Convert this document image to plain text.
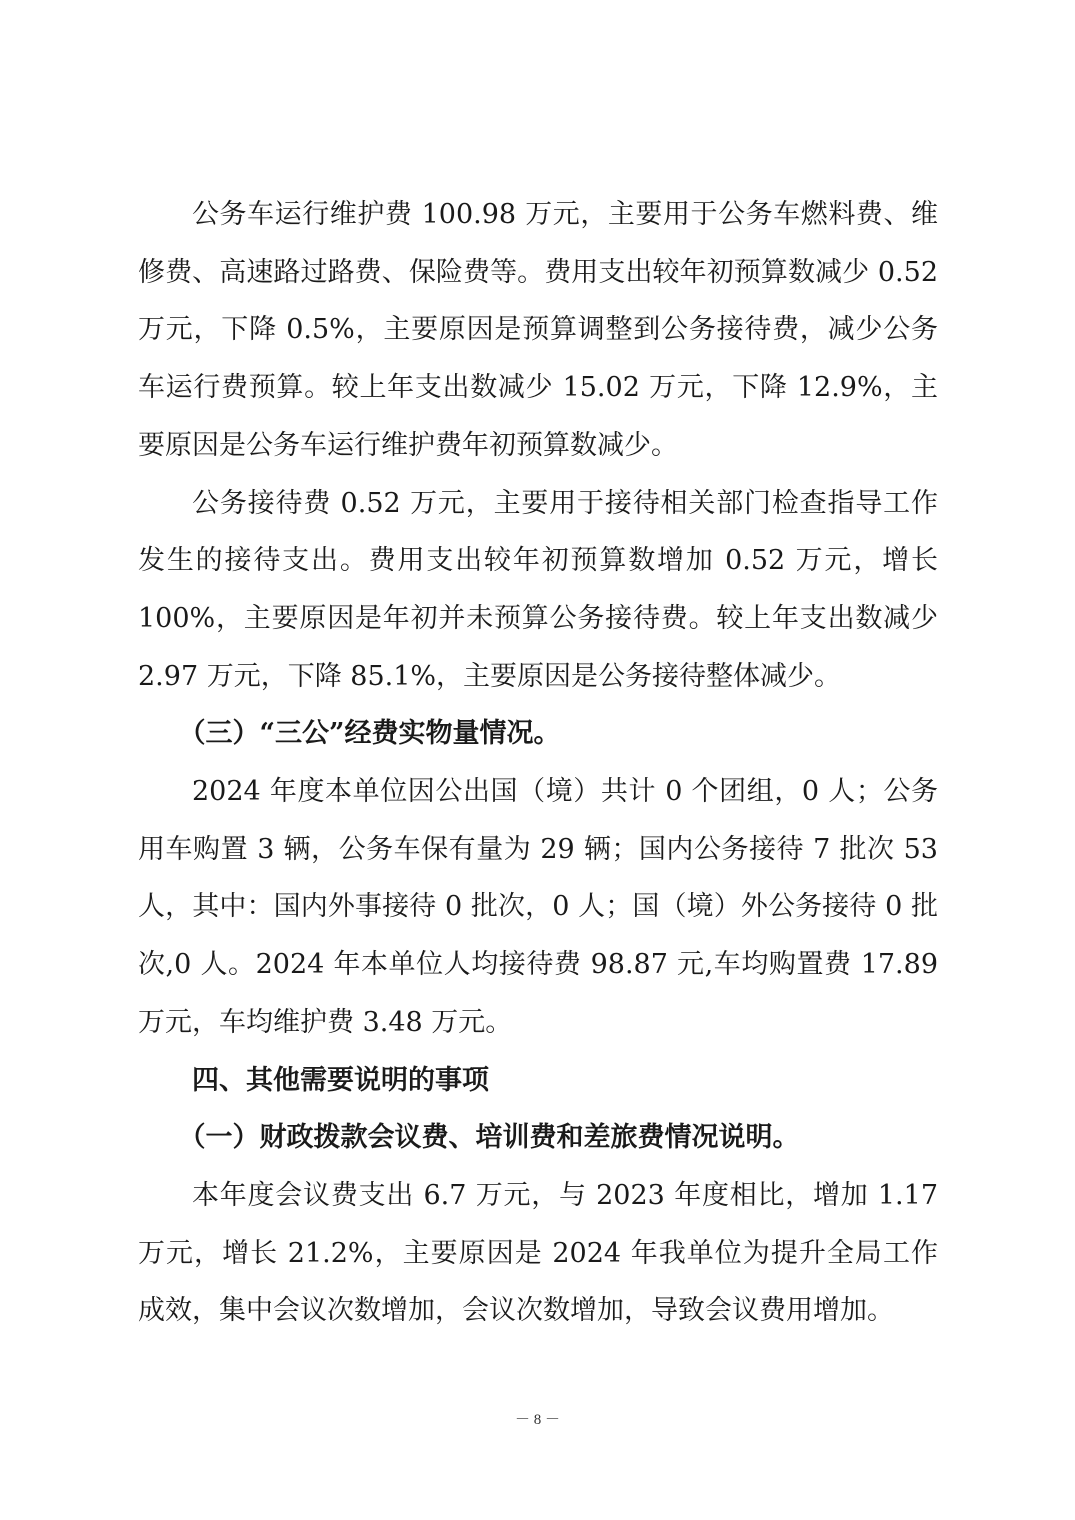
公务车运行维护费 100.98 万元，主要用于公务车燃料费、维修费、高速路过路费、保险费等。费用支出较年初预算数减少 0.52 万元，下降 0.5%，主要原因是预算调整到公务接待费，减少公务车运行费预算。较上年支出数减少 15.02 万元，下降 12.9%，主要原因是公务车运行维护费年初预算数减少。

公务接待费 0.52 万元，主要用于接待相关部门检查指导工作发生的接待支出。费用支出较年初预算数增加 0.52 万元，增长 100%，主要原因是年初并未预算公务接待费。较上年支出数减少 2.97 万元，下降 85.1%，主要原因是公务接待整体减少。

（三）“三公”经费实物量情况。

2024 年度本单位因公出国（境）共计 0 个团组，0 人；公务用车购置 3 辆，公务车保有量为 29 辆；国内公务接待 7 批次 53 人，其中：国内外事接待 0 批次，0 人；国（境）外公务接待 0 批次,0 人。2024 年本单位人均接待费 98.87 元,车均购置费 17.89 万元，车均维护费 3.48 万元。

四、其他需要说明的事项

（一）财政拨款会议费、培训费和差旅费情况说明。

本年度会议费支出 6.7 万元，与 2023 年度相比，增加 1.17 万元，增长 21.2%，主要原因是 2024 年我单位为提升全局工作成效，集中会议次数增加，会议次数增加，导致会议费用增加。

－ 8 －
